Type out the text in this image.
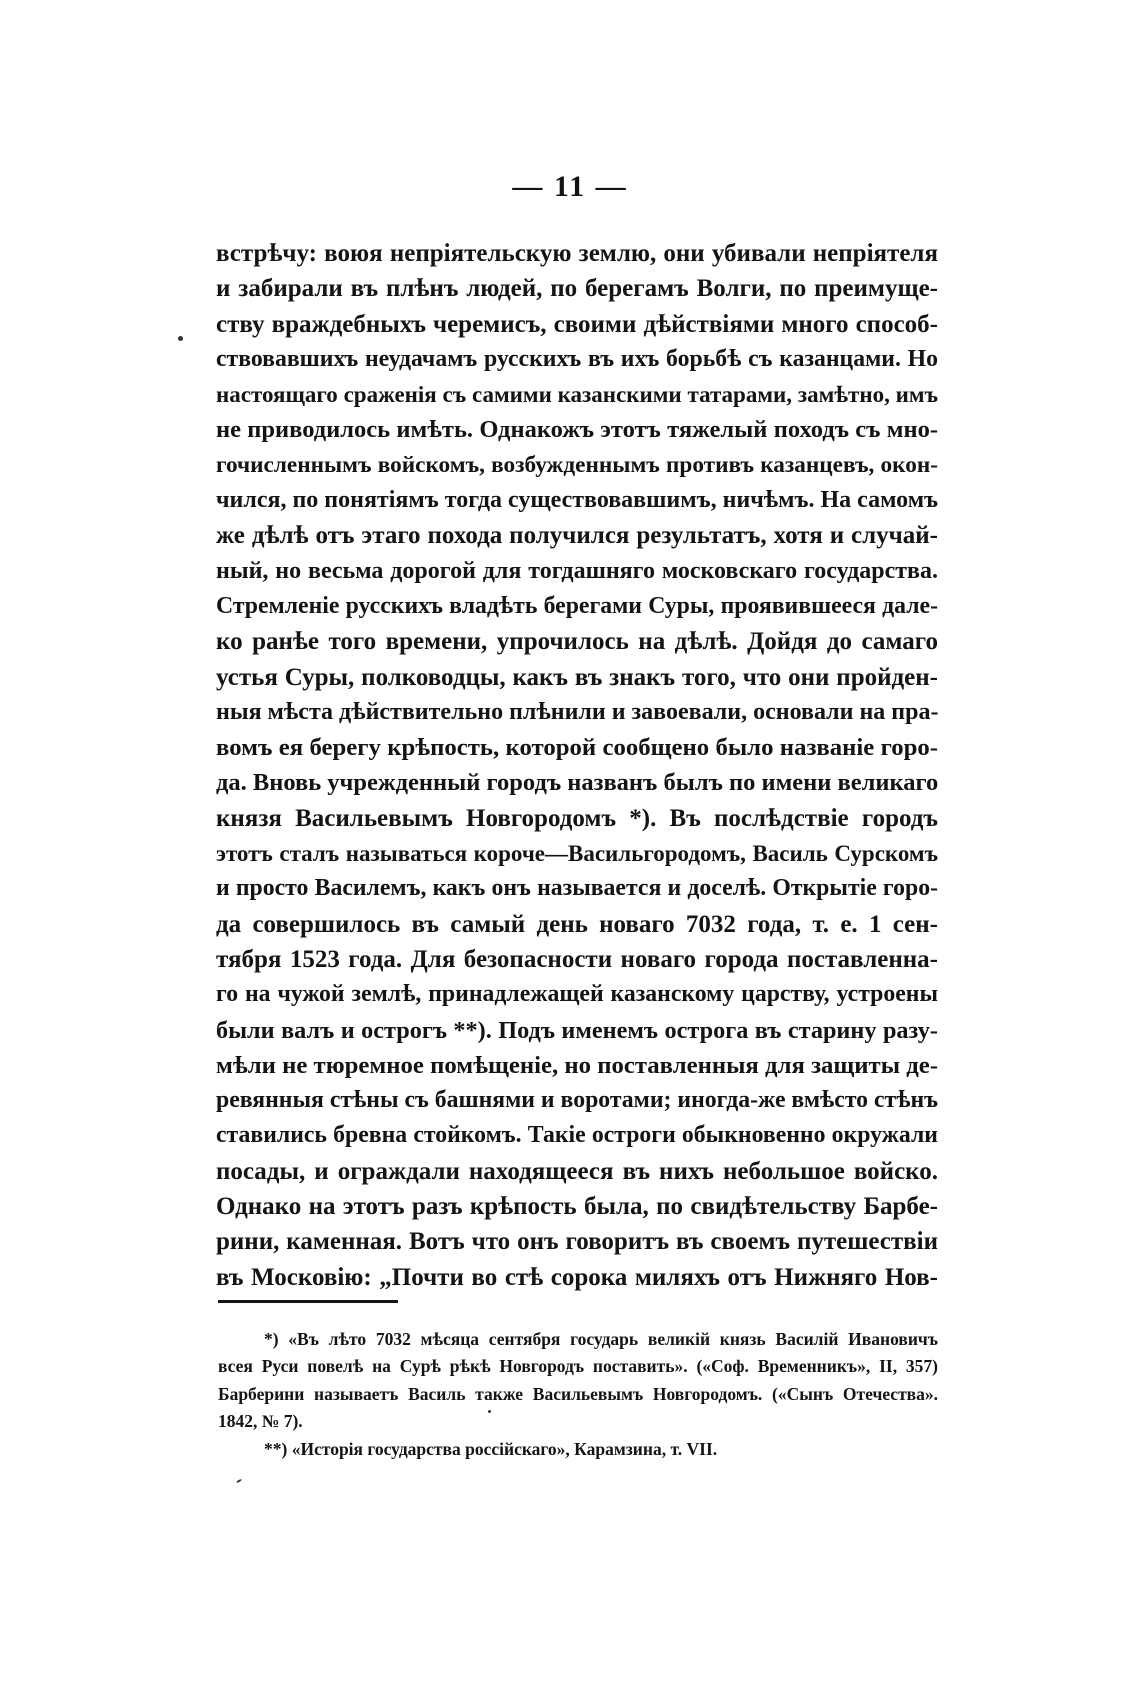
— 11 —
встрѣчу: воюя непріятельскую землю, они убивали непріятеля
и забирали въ плѣнъ людей, по берегамъ Волги, по преимуще-
ству враждебныхъ черемисъ, своими дѣйствіями много способ-
ствовавшихъ неудачамъ русскихъ въ ихъ борьбѣ съ казанцами. Но
настоящаго сраженія съ самими казанскими татарами, замѣтно, имъ
не приводилось имѣть. Однакожъ этотъ тяжелый походъ съ мно-
гочисленнымъ войскомъ, возбужденнымъ противъ казанцевъ, окон-
чился, по понятіямъ тогда существовавшимъ, ничѣмъ. На самомъ
же дѣлѣ отъ этаго похода получился результатъ, хотя и случай-
ный, но весьма дорогой для тогдашняго московскаго государства.
Стремленіе русскихъ владѣть берегами Суры, проявившееся дале-
ко ранѣе того времени, упрочилось на дѣлѣ. Дойдя до самаго
устья Суры, полководцы, какъ въ знакъ того, что они пройден-
ныя мѣста дѣйствительно плѣнили и завоевали, основали на пра-
вомъ ея берегу крѣпость, которой сообщено было названіе горо-
да. Вновь учрежденный городъ названъ былъ по имени великаго
князя Васильевымъ Новгородомъ *). Въ послѣдствіе городъ
этотъ сталъ называться короче—Васильгородомъ, Василь Сурскомъ
и просто Василемъ, какъ онъ называется и доселѣ. Открытіе горо-
да совершилось въ самый день новаго 7032 года, т. е. 1 сен-
тября 1523 года. Для безопасности новаго города поставленна-
го на чужой землѣ, принадлежащей казанскому царству, устроены
были валъ и острогъ **). Подъ именемъ острога въ старину разу-
мѣли не тюремное помѣщеніе, но поставленныя для защиты де-
ревянныя стѣны съ башнями и воротами; иногда-же вмѣсто стѣнъ
ставились бревна стойкомъ. Такіе остроги обыкновенно окружали
посады, и ограждали находящееся въ нихъ небольшое войско.
Однако на этотъ разъ крѣпость была, по свидѣтельству Барбе-
рини, каменная. Вотъ что онъ говоритъ въ своемъ путешествіи
въ Московію: „Почти во стѣ сорока миляхъ отъ Нижняго Нов-
*) «Въ лѣто 7032 мѣсяца сентября государь великій князь Василій Ивановичъ
всея Руси повелѣ на Сурѣ рѣкѣ Новгородъ поставить». («Соф. Временникъ», II, 357)
Барберини называетъ Василь также Васильевымъ Новгородомъ. («Сынъ Отечества».
1842, № 7).
**) «Исторія государства россійскаго», Карамзина, т. VII.
